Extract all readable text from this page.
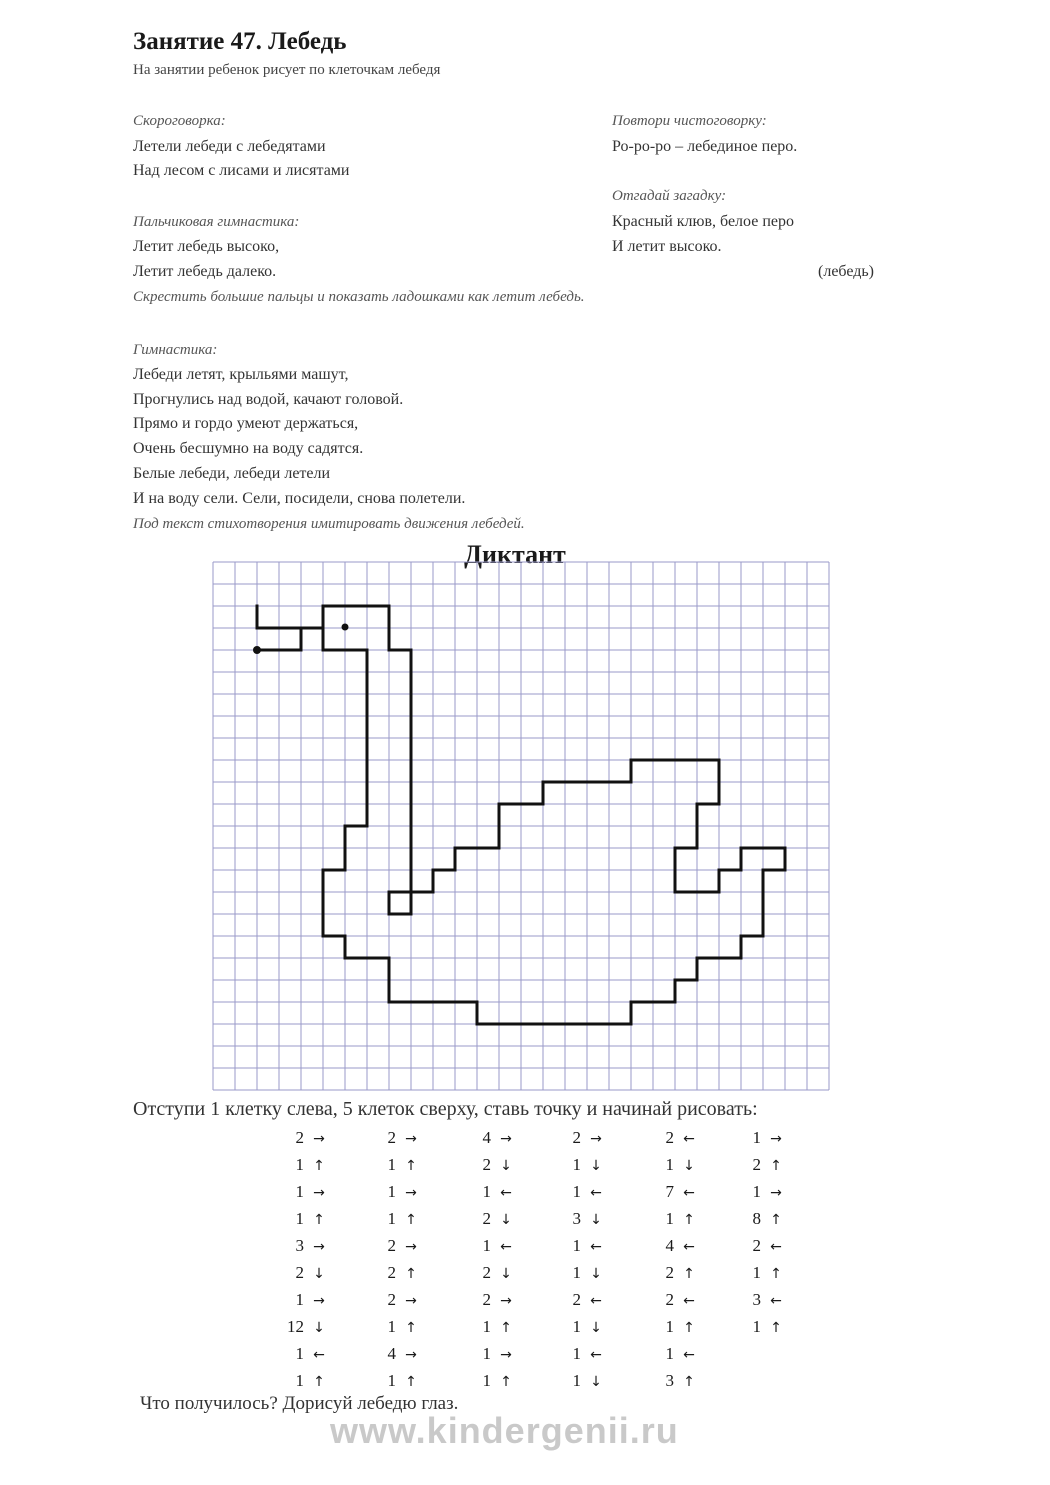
Занятие 47. Лебедь
На занятии ребенок рисует по клеточкам лебедя
Скороговорка:
Летели лебеди с лебедятами
Над лесом с лисами и лисятами
Пальчиковая гимнастика:
Летит лебедь высоко,
Летит лебедь далеко.
Скрестить большие пальцы и показать ладошками как летит лебедь.
Повтори чистоговорку:
Ро-ро-ро – лебединое перо.
Отгадай загадку:
Красный клюв, белое перо
И летит высоко.
(лебедь)
Гимнастика:
Лебеди летят, крыльями машут,
Прогнулись над водой, качают головой.
Прямо и гордо умеют держаться,
Очень бесшумно на воду садятся.
Белые лебеди, лебеди летели
И на воду сели. Сели, посидели, снова полетели.
Под текст стихотворения имитировать движения лебедей.
Диктант
Отступи 1 клетку слева, 5 клеток сверху, ставь точку и начинай рисовать:
2 →
1 ↑
1 →
1 ↑
3 →
2 ↓
1 →
12 ↓
1 ←
1 ↑
2 →
1 ↑
1 →
1 ↑
2 →
2 ↑
2 →
1 ↑
4 →
1 ↑
4 →
2 ↓
1 ←
2 ↓
1 ←
2 ↓
2 →
1 ↑
1 →
1 ↑
2 →
1 ↓
1 ←
3 ↓
1 ←
1 ↓
2 ←
1 ↓
1 ←
1 ↓
2 ←
1 ↓
7 ←
1 ↑
4 ←
2 ↑
2 ←
1 ↑
1 ←
3 ↑
1 →
2 ↑
1 →
8 ↑
2 ←
1 ↑
3 ←
1 ↑
Что получилось? Дорисуй лебедю глаз.
www.kindergenii.ru
